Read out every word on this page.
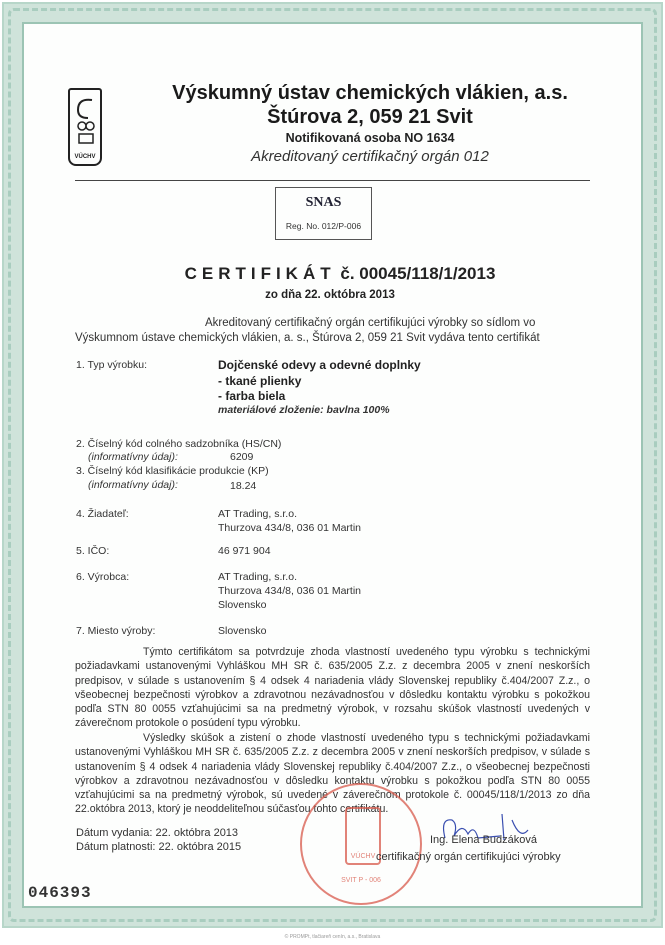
VÚCHV
Výskumný ústav chemických vlákien, a.s.
Štúrova 2, 059 21 Svit
Notifikovaná osoba NO 1634
Akreditovaný certifikačný orgán 012
SNAS
Reg. No. 012/P-006
CERTIFIKÁT č. 00045/118/1/2013
zo dňa 22. októbra 2013
Akreditovaný certifikačný orgán certifikujúci výrobky so sídlom vo Výskumnom ústave chemických vlákien, a. s., Štúrova 2, 059 21 Svit vydáva tento certifikát
1. Typ výrobku:	Dojčenské odevy a odevné doplnky
- tkané plienky
- farba biela
materiálové zloženie: bavlna 100%
2. Číselný kód colného sadzobníka (HS/CN)
(informatívny údaj):	6209
3. Číselný kód klasifikácie produkcie (KP)
(informatívny údaj):	18.24
4. Žiadateľ:	AT Trading, s.r.o.
Thurzova 434/8, 036 01 Martin
5. IČO:	46 971 904
6. Výrobca:	AT Trading, s.r.o.
Thurzova 434/8, 036 01 Martin
Slovensko
7. Miesto výroby:	Slovensko
Týmto certifikátom sa potvrdzuje zhoda vlastností uvedeného typu výrobku s technickými požiadavkami ustanovenými Vyhláškou MH SR č. 635/2005 Z.z. z decembra 2005 v znení neskorších predpisov, v súlade s ustanovením § 4 odsek 4 nariadenia vlády Slovenskej republiky č.404/2007 Z.z., o všeobecnej bezpečnosti výrobkov a zdravotnou nezávadnosťou v dôsledku kontaktu výrobku s pokožkou podľa STN 80 0055 vzťahujúcimi sa na predmetný výrobok, v rozsahu skúšok vlastností uvedených v záverečnom protokole o posúdení typu výrobku.
Výsledky skúšok a zistení o zhode vlastností uvedeného typu s technickými požiadavkami ustanovenými Vyhláškou MH SR č. 635/2005 Z.z. z decembra 2005 v znení neskorších predpisov, v súlade s ustanovením § 4 odsek 4 nariadenia vlády Slovenskej republiky č.404/2007 Z.z., o všeobecnej bezpečnosti výrobkov a zdravotnou nezávadnosťou v dôsledku kontaktu výrobku s pokožkou podľa STN 80 0055 vzťahujúcimi sa na predmetný výrobok, sú uvedené v záverečnom protokole č. 00045/118/1/2013 zo dňa 22.októbra 2013, ktorý je neoddeliteľnou súčasťou tohto certifikátu.
Dátum vydania: 22. októbra 2013
Dátum platnosti: 22. októbra 2015
VÚCHV
SVIT P - 006
Ing. Elena Budzáková
certifikačný orgán certifikujúci výrobky
046393
© PROMPt, tlačiareň cenín, a.s., Bratislava
